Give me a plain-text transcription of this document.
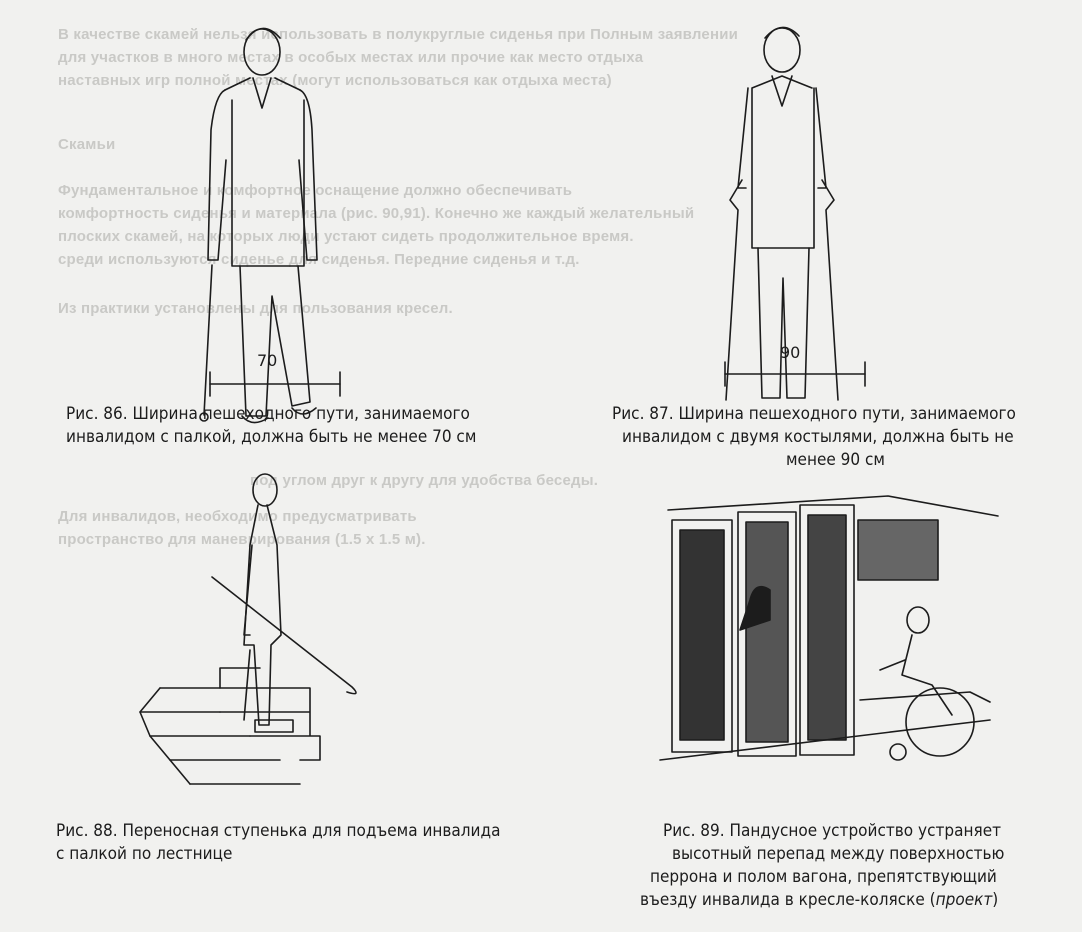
В качестве скамей нельзя использовать в полукруглые сиденья при Полным заявлении
для участков в много местах в особых местах или прочие как место отдыха
наставных игр полной местах (могут использоваться как отдыха места)
Скамьи
Фундаментальное и комфортное оснащение должно обеспечивать
комфортность сиденья и материала (рис. 90,91). Конечно же каждый желательный
плоских скамей, на которых люди устают сидеть продолжительное время.
среди используются сиденье для сиденья. Передние сиденья и т.д.
Из практики установлены для пользования кресел.
под углом друг к другу для удобства беседы.
Для инвалидов, необходимо предусматривать
пространство для маневрирования (1.5 х 1.5 м).
70	90
Рис. 86. Ширина пешеходного пути, занимаемого
инвалидом с палкой, должна быть не менее 70 см
Рис. 87. Ширина пешеходного пути, занимаемого
инвалидом с двумя костылями, должна быть не
менее 90 см
Рис. 88. Переносная ступенька для подъема инвалида
с палкой по лестнице
Рис. 89. Пандусное устройство устраняет
высотный перепад между поверхностью
перрона и полом вагона, препятствующий
въезду инвалида в кресле-коляске (проект)
